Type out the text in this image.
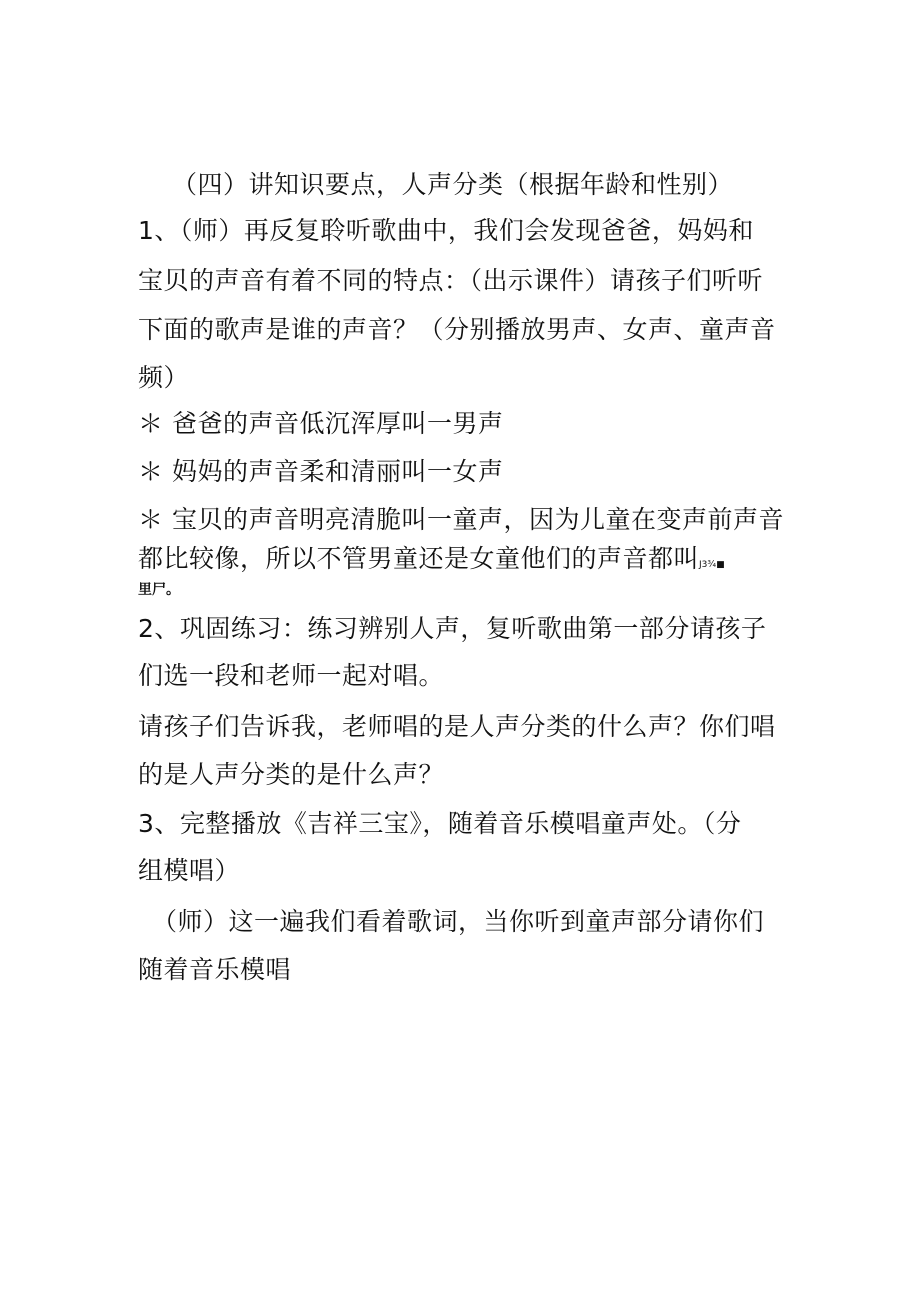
（四）讲知识要点，人声分类（根据年龄和性别）
1、（师）再反复聆听歌曲中，我们会发现爸爸，妈妈和
宝贝的声音有着不同的特点：（出示课件）请孩子们听听
下面的歌声是谁的声音？（分别播放男声、女声、童声音
频）
＊ 爸爸的声音低沉浑厚叫一男声
＊ 妈妈的声音柔和清丽叫一女声
＊ 宝贝的声音明亮清脆叫一童声，因为儿童在变声前声音
都比较像，所以不管男童还是女童他们的声音都叫J3¾■
里尸。
2、巩固练习：练习辨别人声，复听歌曲第一部分请孩子
们选一段和老师一起对唱。
请孩子们告诉我，老师唱的是人声分类的什么声？你们唱
的是人声分类的是什么声？
3、完整播放《吉祥三宝》，随着音乐模唱童声处。（分
组模唱）
（师）这一遍我们看着歌词，当你听到童声部分请你们
随着音乐模唱
